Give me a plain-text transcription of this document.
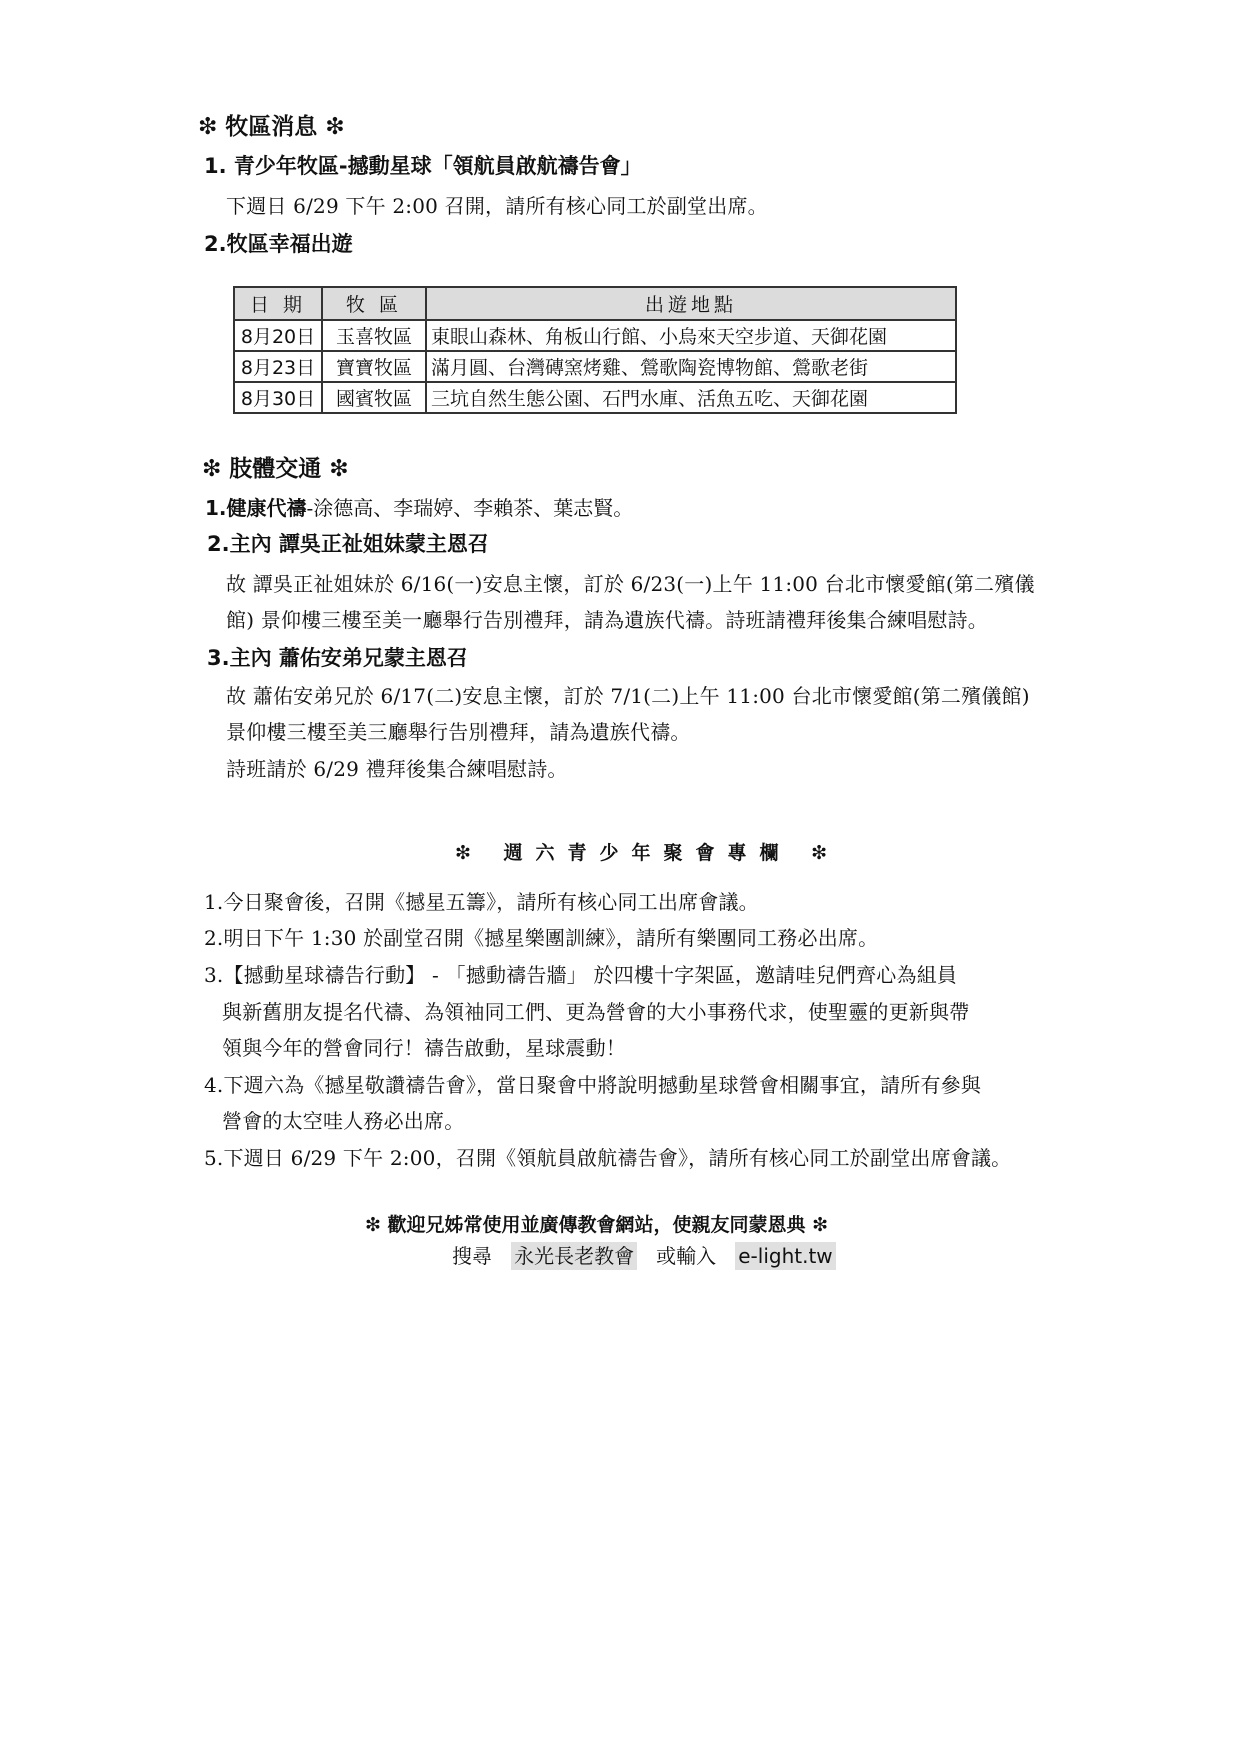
❇ 牧區消息 ❇
1. 青少年牧區-撼動星球「領航員啟航禱告會」
下週日 6/29 下午 2:00 召開，請所有核心同工於副堂出席。
2.牧區幸福出遊
日 期	牧 區	出遊地點
8月20日	玉喜牧區	東眼山森林、角板山行館、小烏來天空步道、天御花園
8月23日	寶寶牧區	滿月圓、台灣磚窯烤雞、鶯歌陶瓷博物館、鶯歌老街
8月30日	國賓牧區	三坑自然生態公園、石門水庫、活魚五吃、天御花園
❇ 肢體交通 ❇
1.健康代禱-涂德高、李瑞婷、李賴茶、葉志賢。
2.主內 譚吳正祉姐妹蒙主恩召
故 譚吳正祉姐妹於 6/16(一)安息主懷，訂於 6/23(一)上午 11:00 台北市懷愛館(第二殯儀
館) 景仰樓三樓至美一廳舉行告別禮拜，請為遺族代禱。詩班請禮拜後集合練唱慰詩。
3.主內 蕭佑安弟兄蒙主恩召
故 蕭佑安弟兄於 6/17(二)安息主懷，訂於 7/1(二)上午 11:00 台北市懷愛館(第二殯儀館)
景仰樓三樓至美三廳舉行告別禮拜，請為遺族代禱。
詩班請於 6/29 禮拜後集合練唱慰詩。
❇ 週六青少年聚會專欄 ❇
1.今日聚會後，召開《撼星五籌》，請所有核心同工出席會議。
2.明日下午 1:30 於副堂召開《撼星樂團訓練》，請所有樂團同工務必出席。
3.【撼動星球禱告行動】 - 「撼動禱告牆」 於四樓十字架區，邀請哇兒們齊心為組員
與新舊朋友提名代禱、為領袖同工們、更為營會的大小事務代求，使聖靈的更新與帶
領與今年的營會同行！禱告啟動，星球震動！
4.下週六為《撼星敬讚禱告會》，當日聚會中將說明撼動星球營會相關事宜，請所有參與
營會的太空哇人務必出席。
5.下週日 6/29 下午 2:00，召開《領航員啟航禱告會》，請所有核心同工於副堂出席會議。
❇ 歡迎兄姊常使用並廣傳教會網站，使親友同蒙恩典 ❇
搜尋 永光長老教會 或輸入 e-light.tw
